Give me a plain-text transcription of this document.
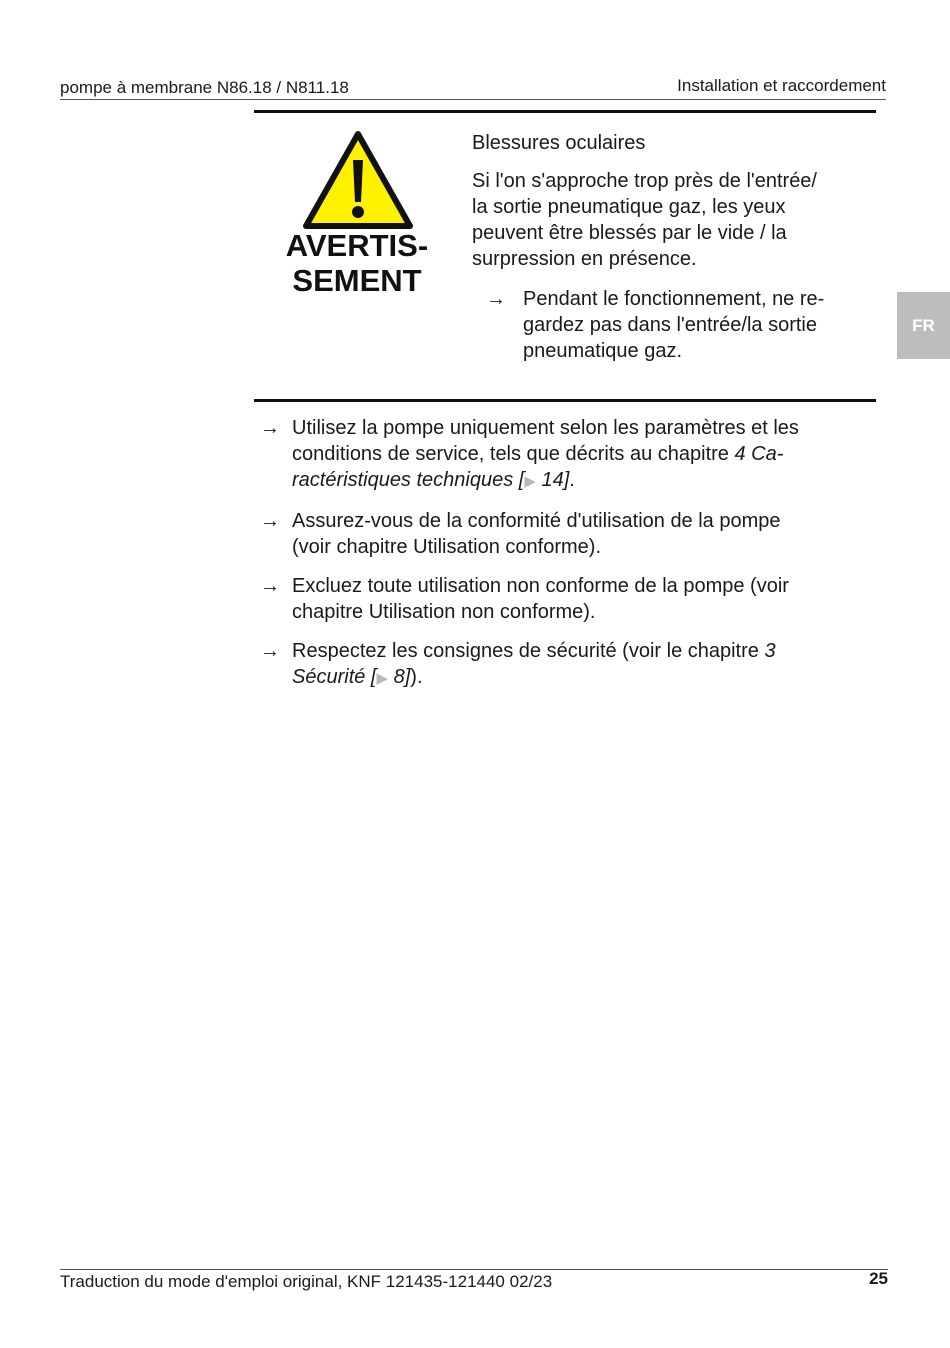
pompe à membrane N86.18 / N811.18	Installation et raccordement
FR
AVERTIS-
SEMENT
Blessures oculaires
Si l'on s'approche trop près de l'entrée/
la sortie pneumatique gaz, les yeux
peuvent être blessés par le vide / la
surpression en présence.
→ Pendant le fonctionnement, ne re-
gardez pas dans l'entrée/la sortie
pneumatique gaz.
→ Utilisez la pompe uniquement selon les paramètres et les
conditions de service, tels que décrits au chapitre 4 Ca-
ractéristiques techniques [▶ 14].
→ Assurez-vous de la conformité d'utilisation de la pompe
(voir chapitre Utilisation conforme).
→ Excluez toute utilisation non conforme de la pompe (voir
chapitre Utilisation non conforme).
→ Respectez les consignes de sécurité (voir le chapitre 3
Sécurité [▶ 8]).
Traduction du mode d'emploi original, KNF 121435-121440 02/23	25
